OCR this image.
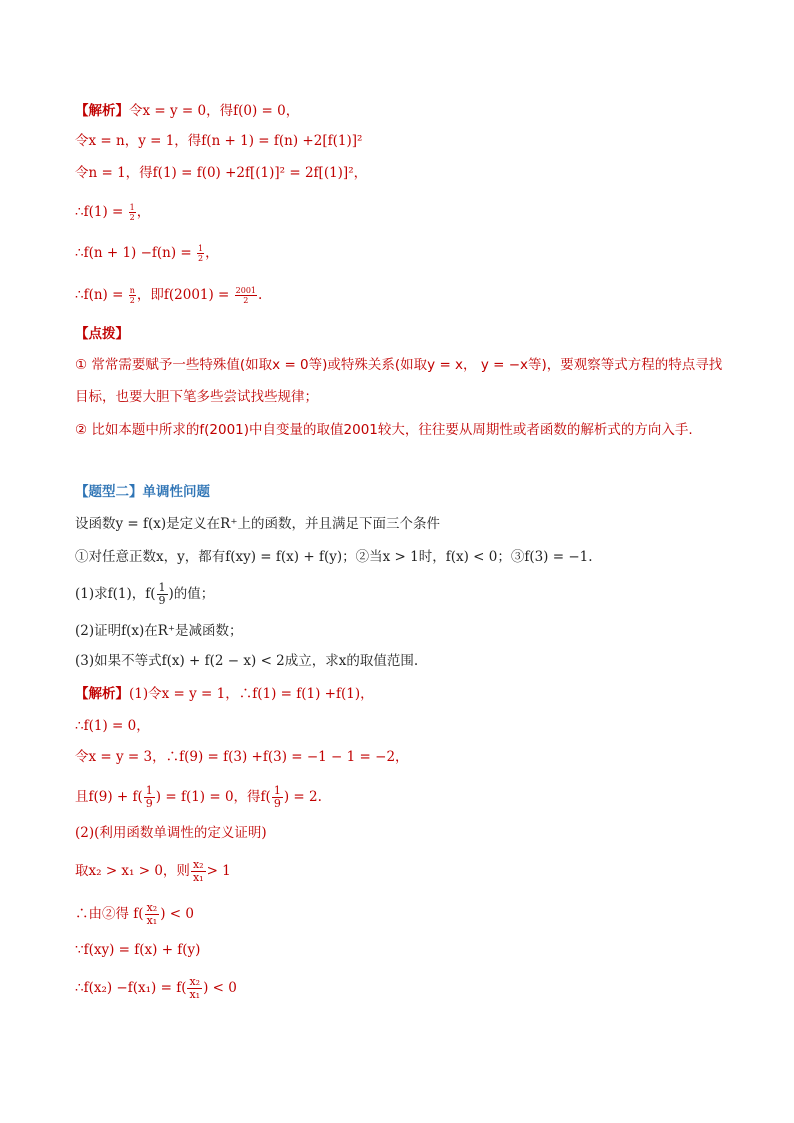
【解析】令x = y = 0，得f(0) = 0，
令x = n，y = 1，得f(n + 1) = f(n) +2[f(1)]²
令n = 1，得f(1) = f(0) +2f[(1)]² = 2f[(1)]²，
∴f(1) = $\frac{1}{2}$ ，
∴f(n + $1) -f(n) = \frac{1}{2}$ ，
∴f(n) = $\frac{n}{2}$ ，即$f(2001) = \frac{2001}{2}$ .
【点拨】
① 常常需要赋予一些特殊值(如取x = 0等)或特殊关系(如取y = x， y = −x等)，要观察等式方程的特点寻找
目标，也要大胆下笔多些尝试找些规律；
② 比如本题中所求的f(2001)中自变量的取值2001较大，往往要从周期性或者函数的解析式的方向入手.
【题型二】单调性问题
设函数y = f(x)是定义在R⁺上的函数，并且满足下面三个条件
①对任意正数x，y，都有f(xy) = f(x) + f(y)；②当x > 1时，f(x) < 0；③f(3) = −1.
(1)求f(1)，$f( \frac{1}{9}$ )的值；
(2)证明f(x)在R⁺是减函数；
(3)如果不等式f(x) + f(2 − x) < 2成立，求x的取值范围.
【解析】(1)令x = y = 1，∴f(1) = f(1) +f(1)，
∴f(1) = 0，
令x = y = 3，∴f(9) = f(3) +f(3) = −1 − 1 = −2，
且$f(9) + f( \frac{1}{9}$ ) = f(1) = 0，得$f( \frac{1}{9}$ ) = 2.
(2)(利用函数单调性的定义证明)
取x₂ > x₁ > 0，则 $\frac{\text{x₂}}{\text{x₁}} > 1$
∴由②得 $f( \frac{\text{x₂}}{\text{x₁}}$ ) < 0
∵f(xy) = f(x) + f(y)
∴f(x₂) $-f(x_1) = f( \frac{\text{x₂}}{\text{x₁}}$ ) < 0
